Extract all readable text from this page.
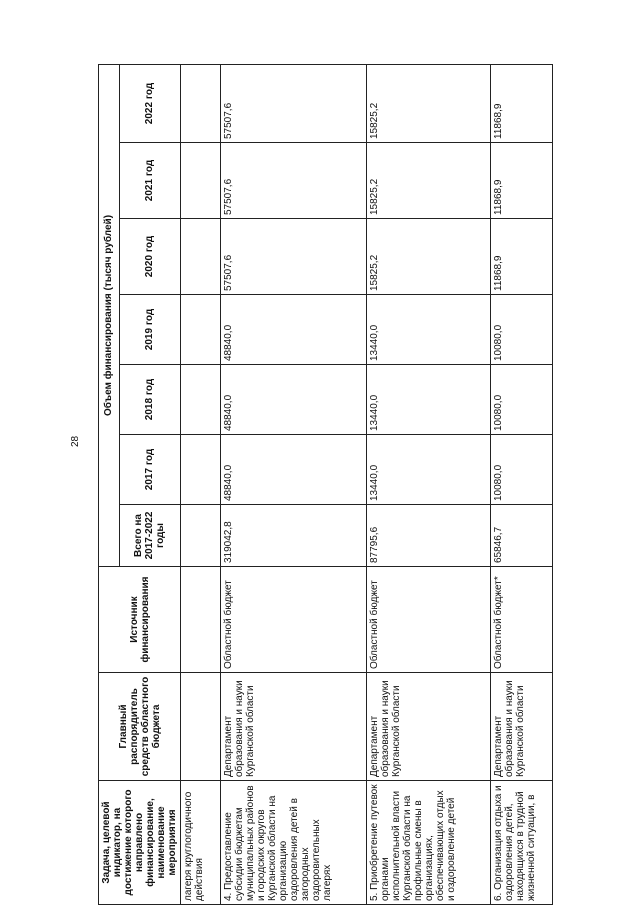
28
Задача, целевой индикатор, на достижение которого направлено финансирование, наименование мероприятия	Главный распорядитель средств областного бюджета	Источник финансирования	Объем финансирования (тысяч рублей)						
			Всего на 2017-2022 годы	2017 год	2018 год	2019 год	2020 год	2021 год	2022 год
лагеря круглогодичного действия									
4. Предоставление субсидии бюджетам муниципальных районов и городских округов Курганской области на организацию оздоровления детей в загородных оздоровительных лагерях	Департамент образования и науки Курганской области	Областной бюджет	319042,8	48840,0	48840,0	48840,0	57507,6	57507,6	57507,6
5. Приобретение путевок органами исполнительной власти Курганской области на профильные смены в организациях, обеспечивающих отдых и оздоровление детей	Департамент образования и науки Курганской области	Областной бюджет	87795,6	13440,0	13440,0	13440,0	15825,2	15825,2	15825,2
6. Организация отдыха и оздоровления детей, находящихся в трудной жизненной ситуации, в	Департамент образования и науки Курганской области	Областной бюджет*	65846,7	10080,0	10080,0	10080,0	11868,9	11868,9	11868,9
